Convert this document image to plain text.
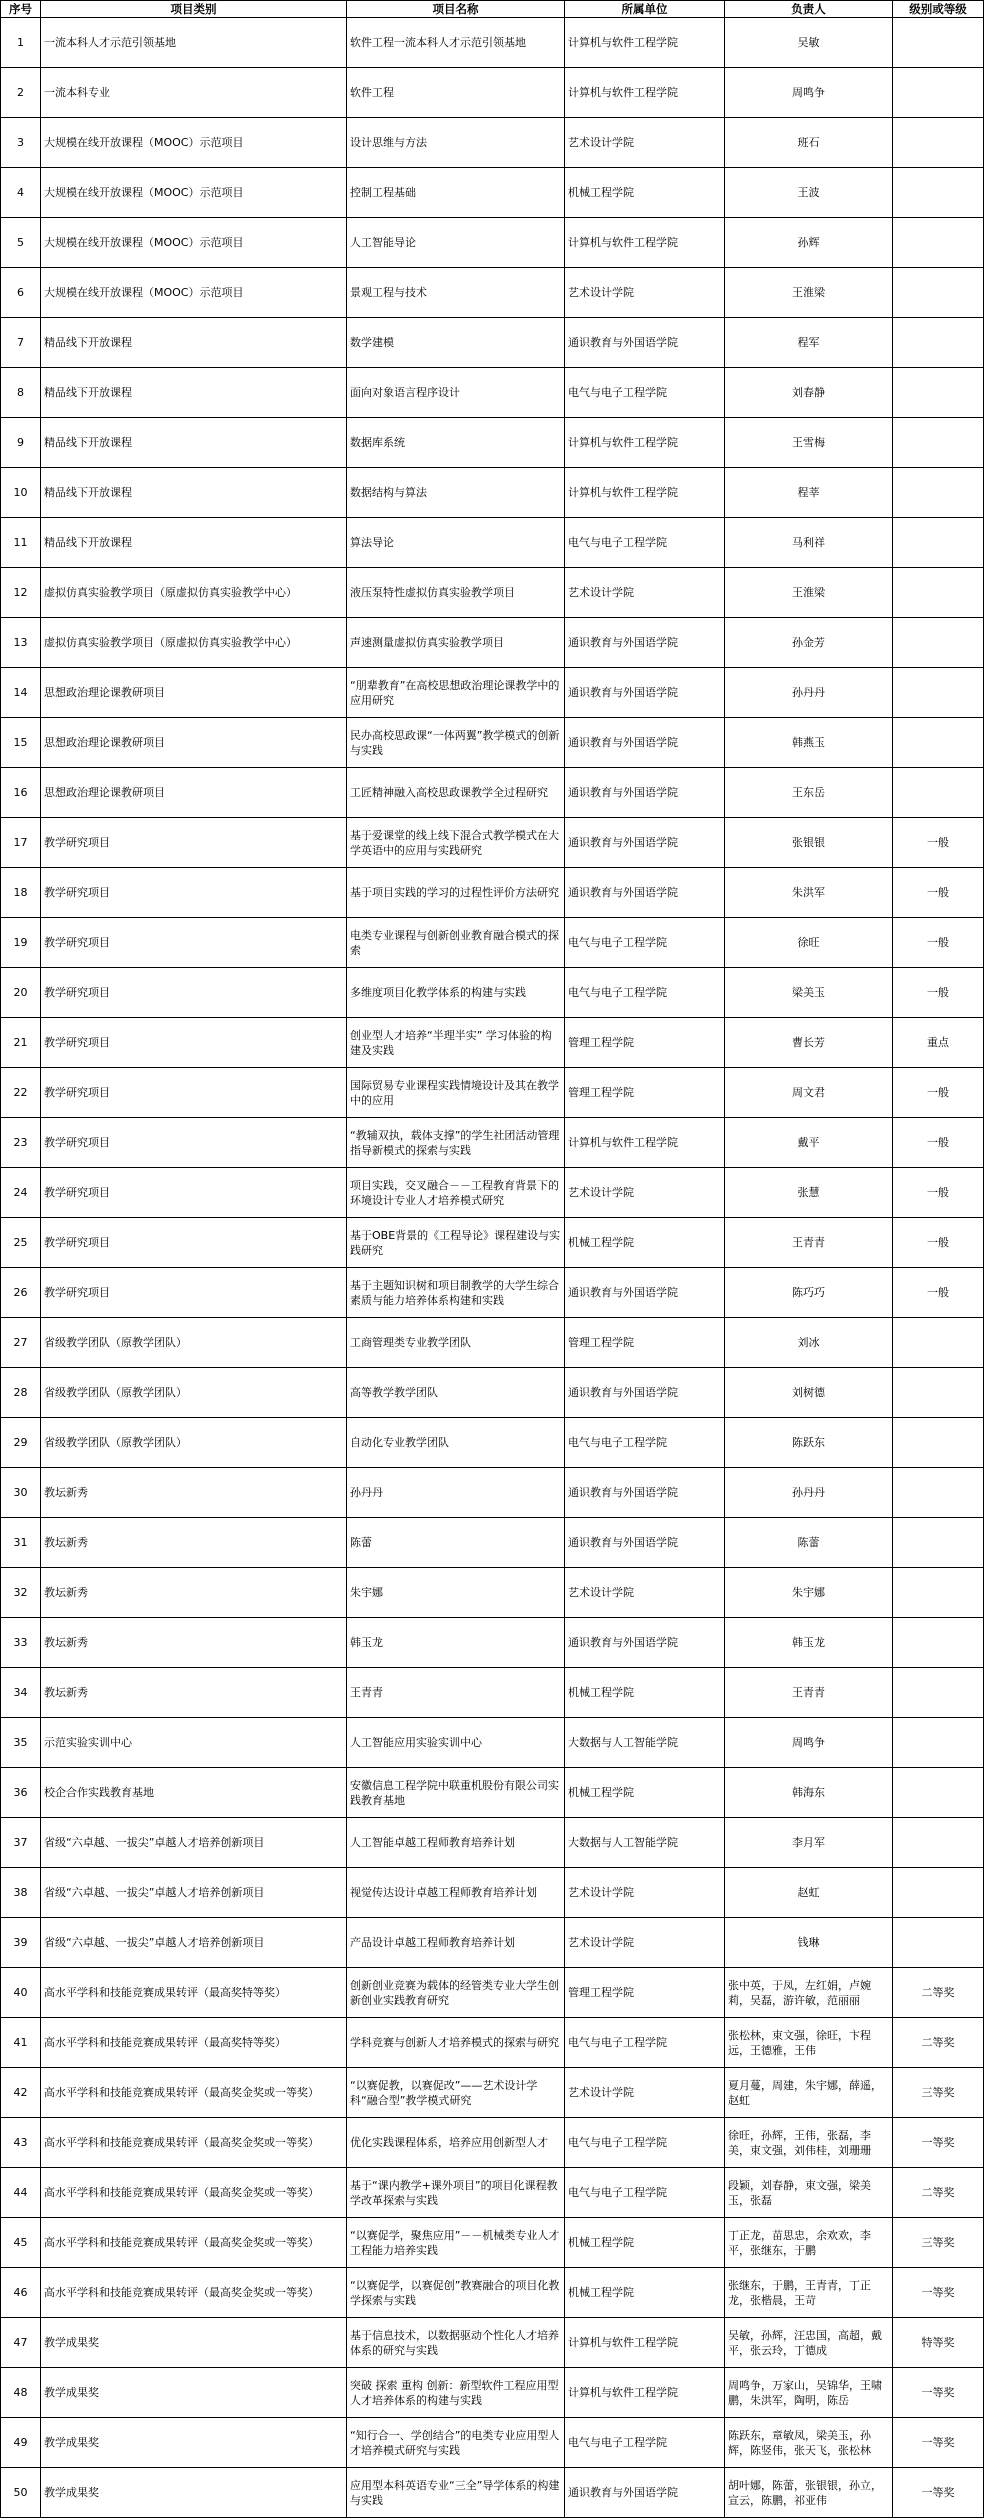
序号	项目类别	项目名称	所属单位	负责人	级别或等级
1	一流本科人才示范引领基地	软件工程一流本科人才示范引领基地	计算机与软件工程学院	吴敏	
2	一流本科专业	软件工程	计算机与软件工程学院	周鸣争	
3	大规模在线开放课程（MOOC）示范项目	设计思维与方法	艺术设计学院	班石	
4	大规模在线开放课程（MOOC）示范项目	控制工程基础	机械工程学院	王波	
5	大规模在线开放课程（MOOC）示范项目	人工智能导论	计算机与软件工程学院	孙辉	
6	大规模在线开放课程（MOOC）示范项目	景观工程与技术	艺术设计学院	王淮梁	
7	精品线下开放课程	数学建模	通识教育与外国语学院	程军	
8	精品线下开放课程	面向对象语言程序设计	电气与电子工程学院	刘春静	
9	精品线下开放课程	数据库系统	计算机与软件工程学院	王雪梅	
10	精品线下开放课程	数据结构与算法	计算机与软件工程学院	程莘	
11	精品线下开放课程	算法导论	电气与电子工程学院	马利祥	
12	虚拟仿真实验教学项目（原虚拟仿真实验教学中心）	液压泵特性虚拟仿真实验教学项目	艺术设计学院	王淮梁	
13	虚拟仿真实验教学项目（原虚拟仿真实验教学中心）	声速测量虚拟仿真实验教学项目	通识教育与外国语学院	孙金芳	
14	思想政治理论课教研项目	“朋辈教育”在高校思想政治理论课教学中的应用研究	通识教育与外国语学院	孙丹丹	
15	思想政治理论课教研项目	民办高校思政课“一体两翼”教学模式的创新与实践	通识教育与外国语学院	韩燕玉	
16	思想政治理论课教研项目	工匠精神融入高校思政课教学全过程研究	通识教育与外国语学院	王东岳	
17	教学研究项目	基于爱课堂的线上线下混合式教学模式在大学英语中的应用与实践研究	通识教育与外国语学院	张银银	一般
18	教学研究项目	基于项目实践的学习的过程性评价方法研究	通识教育与外国语学院	朱洪军	一般
19	教学研究项目	电类专业课程与创新创业教育融合模式的探索	电气与电子工程学院	徐旺	一般
20	教学研究项目	多维度项目化教学体系的构建与实践	电气与电子工程学院	梁美玉	一般
21	教学研究项目	创业型人才培养“半理半实” 学习体验的构建及实践	管理工程学院	曹长芳	重点
22	教学研究项目	国际贸易专业课程实践情境设计及其在教学中的应用	管理工程学院	周文君	一般
23	教学研究项目	“教辅双执，载体支撑”的学生社团活动管理指导新模式的探索与实践	计算机与软件工程学院	戴平	一般
24	教学研究项目	项目实践，交叉融合－－工程教育背景下的环境设计专业人才培养模式研究	艺术设计学院	张慧	一般
25	教学研究项目	基于OBE背景的《工程导论》课程建设与实践研究	机械工程学院	王青青	一般
26	教学研究项目	基于主题知识树和项目制教学的大学生综合素质与能力培养体系构建和实践	通识教育与外国语学院	陈巧巧	一般
27	省级教学团队（原教学团队）	工商管理类专业教学团队	管理工程学院	刘冰	
28	省级教学团队（原教学团队）	高等教学教学团队	通识教育与外国语学院	刘树德	
29	省级教学团队（原教学团队）	自动化专业教学团队	电气与电子工程学院	陈跃东	
30	教坛新秀	孙丹丹	通识教育与外国语学院	孙丹丹	
31	教坛新秀	陈蕾	通识教育与外国语学院	陈蕾	
32	教坛新秀	朱宇娜	艺术设计学院	朱宇娜	
33	教坛新秀	韩玉龙	通识教育与外国语学院	韩玉龙	
34	教坛新秀	王青青	机械工程学院	王青青	
35	示范实验实训中心	人工智能应用实验实训中心	大数据与人工智能学院	周鸣争	
36	校企合作实践教育基地	安徽信息工程学院中联重机股份有限公司实践教育基地	机械工程学院	韩海东	
37	省级“六卓越、一拔尖”卓越人才培养创新项目	人工智能卓越工程师教育培养计划	大数据与人工智能学院	李月军	
38	省级“六卓越、一拔尖”卓越人才培养创新项目	视觉传达设计卓越工程师教育培养计划	艺术设计学院	赵虹	
39	省级“六卓越、一拔尖”卓越人才培养创新项目	产品设计卓越工程师教育培养计划	艺术设计学院	钱琳	
40	高水平学科和技能竞赛成果转评（最高奖特等奖）	创新创业竞赛为载体的经管类专业大学生创新创业实践教育研究	管理工程学院	张中英，于凤，左红娟，卢婉莉，吴磊，游许敏，范丽丽	二等奖
41	高水平学科和技能竞赛成果转评（最高奖特等奖）	学科竞赛与创新人才培养模式的探索与研究	电气与电子工程学院	张松林，束文强，徐旺，卞程远，王德雅，王伟	二等奖
42	高水平学科和技能竞赛成果转评（最高奖金奖或一等奖）	“以赛促教，以赛促改”——艺术设计学科“融合型”教学模式研究	艺术设计学院	夏月蔓，周建，朱宇娜，薛遥，赵虹	三等奖
43	高水平学科和技能竞赛成果转评（最高奖金奖或一等奖）	优化实践课程体系，培养应用创新型人才	电气与电子工程学院	徐旺，孙辉，王伟，张磊，李美，束文强，刘伟桂，刘珊珊	一等奖
44	高水平学科和技能竞赛成果转评（最高奖金奖或一等奖）	基于“课内教学+课外项目”的项目化课程教学改革探索与实践	电气与电子工程学院	段颖，刘春静，束文强，梁美玉，张磊	二等奖
45	高水平学科和技能竞赛成果转评（最高奖金奖或一等奖）	“以赛促学，聚焦应用”－－机械类专业人才工程能力培养实践	机械工程学院	丁正龙，苗思忠，余欢欢，李平，张继东，于鹏	三等奖
46	高水平学科和技能竞赛成果转评（最高奖金奖或一等奖）	“以赛促学，以赛促创”教赛融合的项目化教学探索与实践	机械工程学院	张继东，于鹏，王青青，丁正龙，张楷晨，王苛	一等奖
47	教学成果奖	基于信息技术，以数据驱动个性化人才培养体系的研究与实践	计算机与软件工程学院	吴敏，孙辉，汪忠国，高超，戴平，张云玲，丁德成	特等奖
48	教学成果奖	突破 探索 重构 创新：新型软件工程应用型人才培养体系的构建与实践	计算机与软件工程学院	周鸣争，万家山，吴锦华，王啸鹏，朱洪军，陶明，陈岳	一等奖
49	教学成果奖	“知行合一、学创结合”的电类专业应用型人才培养模式研究与实践	电气与电子工程学院	陈跃东，章敏凤，梁美玉，孙辉，陈竖伟，张天飞，张松林	一等奖
50	教学成果奖	应用型本科英语专业“三全”导学体系的构建与实践	通识教育与外国语学院	胡叶娜，陈蕾，张银银，孙立，宣云，陈鹏，祁亚伟	一等奖
